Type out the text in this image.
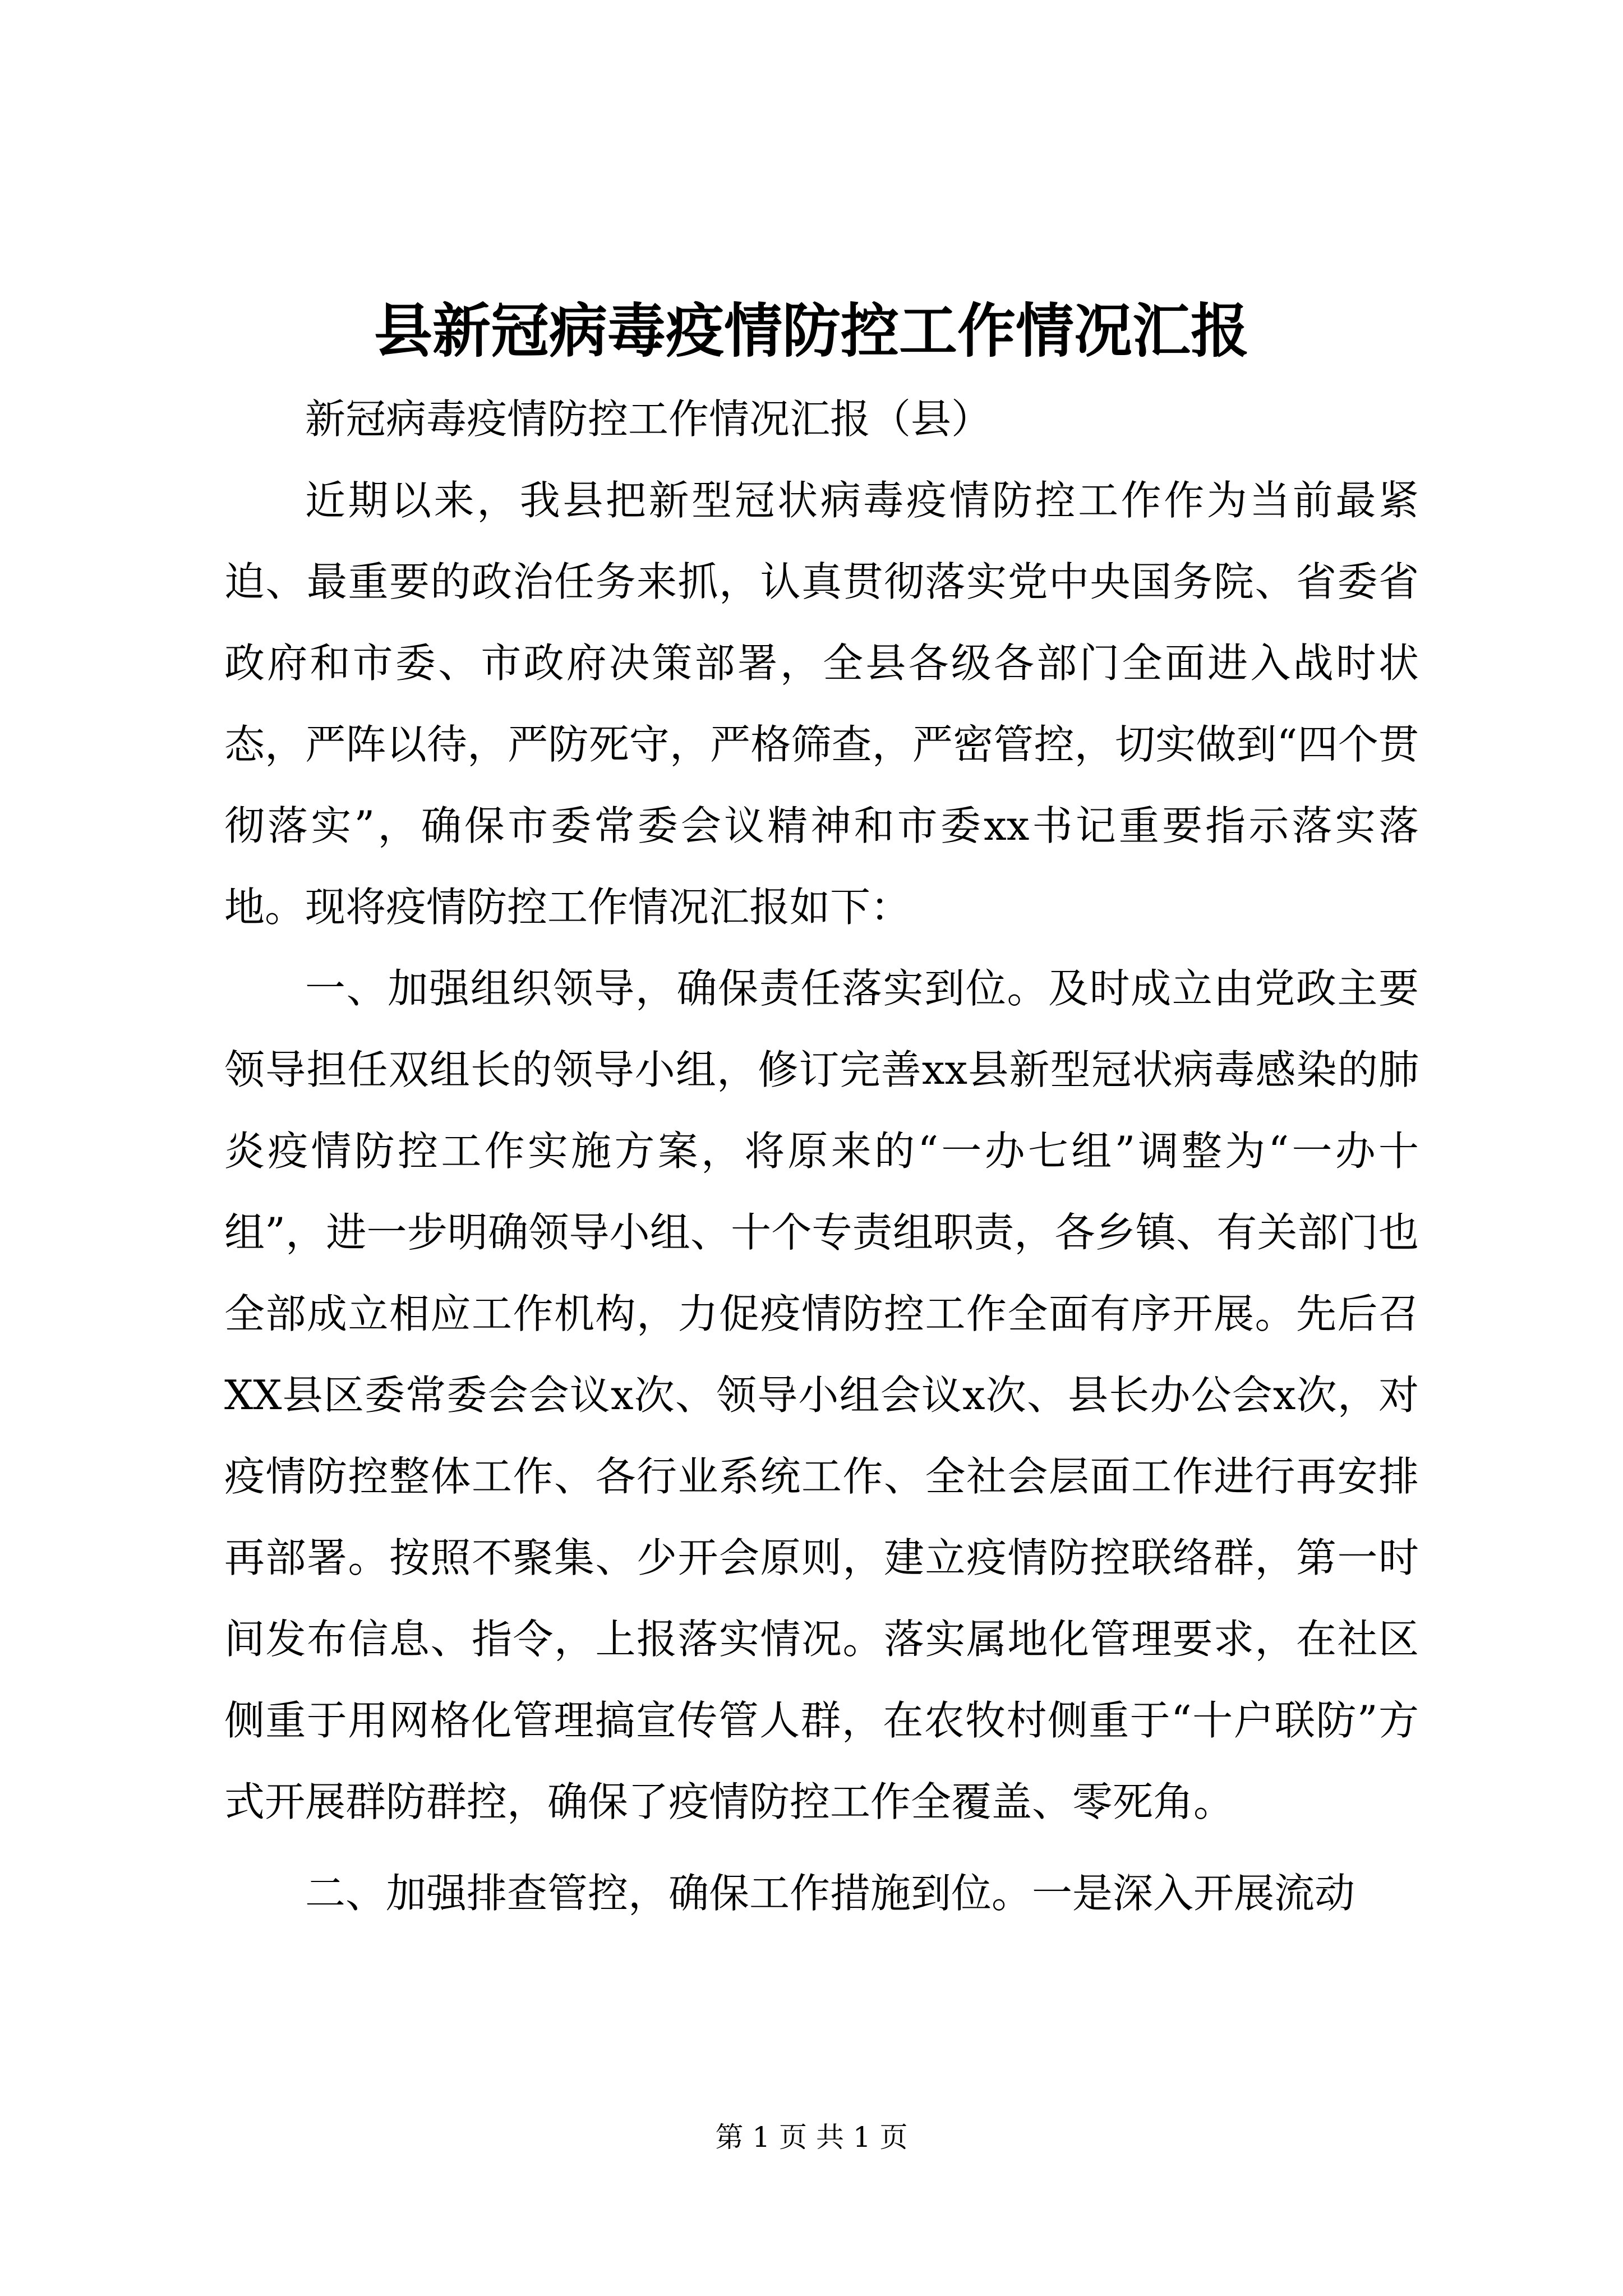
县新冠病毒疫情防控工作情况汇报

新冠病毒疫情防控工作情况汇报（县）

近期以来，我县把新型冠状病毒疫情防控工作作为当前最紧迫、最重要的政治任务来抓，认真贯彻落实党中央国务院、省委省政府和市委、市政府决策部署，全县各级各部门全面进入战时状态，严阵以待，严防死守，严格筛查，严密管控，切实做到“四个贯彻落实”，确保市委常委会议精神和市委xx书记重要指示落实落地。现将疫情防控工作情况汇报如下：

一、加强组织领导，确保责任落实到位。及时成立由党政主要领导担任双组长的领导小组，修订完善xx县新型冠状病毒感染的肺炎疫情防控工作实施方案，将原来的“一办七组”调整为“一办十组”，进一步明确领导小组、十个专责组职责，各乡镇、有关部门也全部成立相应工作机构，力促疫情防控工作全面有序开展。先后召XX县区委常委会会议x次、领导小组会议x次、县长办公会x次，对疫情防控整体工作、各行业系统工作、全社会层面工作进行再安排再部署。按照不聚集、少开会原则，建立疫情防控联络群，第一时间发布信息、指令，上报落实情况。落实属地化管理要求，在社区侧重于用网格化管理搞宣传管人群，在农牧村侧重于“十户联防”方式开展群防群控，确保了疫情防控工作全覆盖、零死角。

二、加强排查管控，确保工作措施到位。一是深入开展流动

第 1 页 共 1 页
